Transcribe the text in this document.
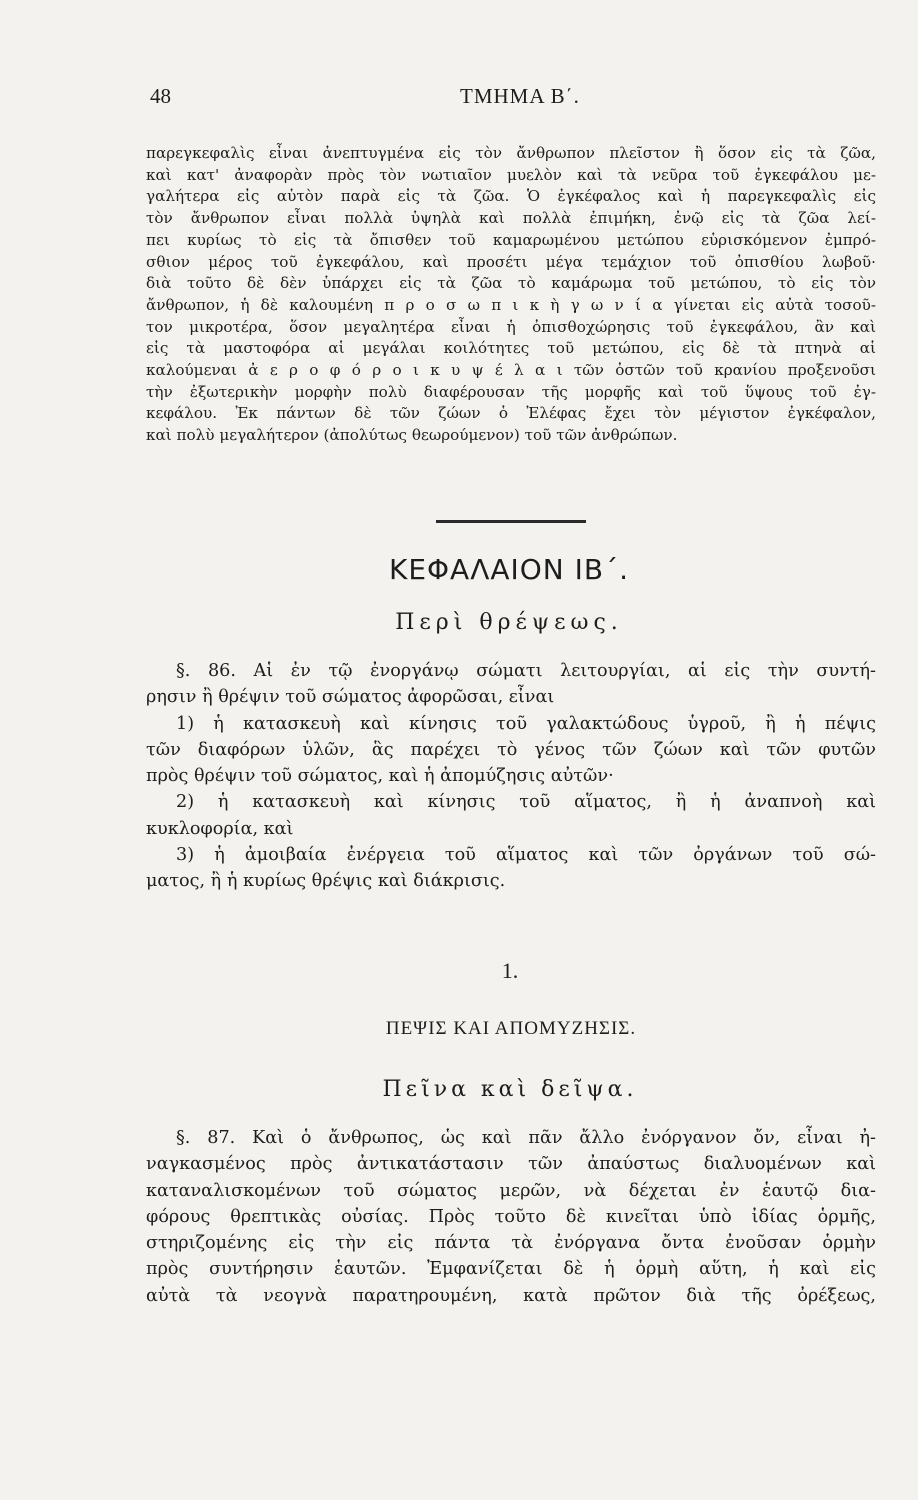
48	ΤΜΗΜΑ Β΄.
παρεγκεφαλὶς εἶναι ἀνεπτυγμένα εἰς τὸν ἄνθρωπον πλεῖστον ἢ ὅσον εἰς τὰ ζῶα,
καὶ κατ' ἀναφορὰν πρὸς τὸν νωτιαῖον μυελὸν καὶ τὰ νεῦρα τοῦ ἐγκεφάλου με-
γαλήτερα εἰς αὐτὸν παρὰ εἰς τὰ ζῶα. Ὁ ἐγκέφαλος καὶ ἡ παρεγκεφαλὶς εἰς
τὸν ἄνθρωπον εἶναι πολλὰ ὑψηλὰ καὶ πολλὰ ἐπιμήκη, ἐνῷ εἰς τὰ ζῶα λεί-
πει κυρίως τὸ εἰς τὰ ὄπισθεν τοῦ καμαρωμένου μετώπου εὑρισκόμενον ἐμπρό-
σθιον μέρος τοῦ ἐγκεφάλου, καὶ προσέτι μέγα τεμάχιον τοῦ ὀπισθίου λωβοῦ·
διὰ τοῦτο δὲ δὲν ὑπάρχει εἰς τὰ ζῶα τὸ καμάρωμα τοῦ μετώπου, τὸ εἰς τὸν
ἄνθρωπον, ἡ δὲ καλουμένη π ρ ο σ ω π ι κ ὴ γ ω ν ί α γίνεται εἰς αὐτὰ τοσοῦ-
τον μικροτέρα, ὅσον μεγαλητέρα εἶναι ἡ ὀπισθοχώρησις τοῦ ἐγκεφάλου, ἂν καὶ
εἰς τὰ μαστοφόρα αἱ μεγάλαι κοιλότητες τοῦ μετώπου, εἰς δὲ τὰ πτηνὰ αἱ
καλούμεναι ἀ ε ρ ο φ ό ρ ο ι κ υ ψ έ λ α ι τῶν ὀστῶν τοῦ κρανίου προξενοῦσι
τὴν ἐξωτερικὴν μορφὴν πολὺ διαφέρουσαν τῆς μορφῆς καὶ τοῦ ὕψους τοῦ ἐγ-
κεφάλου. Ἐκ πάντων δὲ τῶν ζώων ὁ Ἐλέφας ἔχει τὸν μέγιστον ἐγκέφαλον,
καὶ πολὺ μεγαλήτερον (ἀπολύτως θεωρούμενον) τοῦ τῶν ἀνθρώπων.
ΚΕΦΑΛΑΙΟΝ ΙΒ΄.
Περὶ θρέψεως.
§. 86. Αἱ ἐν τῷ ἐνοργάνῳ σώματι λειτουργίαι, αἱ εἰς τὴν συντή-
ρησιν ἢ θρέψιν τοῦ σώματος ἀφορῶσαι, εἶναι
1) ἡ κατασκευὴ καὶ κίνησις τοῦ γαλακτώδους ὑγροῦ, ἢ ἡ πέψις
τῶν διαφόρων ὑλῶν, ἃς παρέχει τὸ γένος τῶν ζώων καὶ τῶν φυτῶν
πρὸς θρέψιν τοῦ σώματος, καὶ ἡ ἀπομύζησις αὐτῶν·
2) ἡ κατασκευὴ καὶ κίνησις τοῦ αἵματος, ἢ ἡ ἀναπνοὴ καὶ
κυκλοφορία, καὶ
3) ἡ ἀμοιβαία ἐνέργεια τοῦ αἵματος καὶ τῶν ὀργάνων τοῦ σώ-
ματος, ἢ ἡ κυρίως θρέψις καὶ διάκρισις.
1.
ΠΕΨΙΣ ΚΑΙ ΑΠΟΜΥΖΗΣΙΣ.
Πεῖνα καὶ δεῖψα.
§. 87. Καὶ ὁ ἄνθρωπος, ὡς καὶ πᾶν ἄλλο ἐνόργανον ὄν, εἶναι ἠ-
ναγκασμένος πρὸς ἀντικατάστασιν τῶν ἀπαύστως διαλυομένων καὶ
καταναλισκομένων τοῦ σώματος μερῶν, νὰ δέχεται ἐν ἑαυτῷ δια-
φόρους θρεπτικὰς οὐσίας. Πρὸς τοῦτο δὲ κινεῖται ὑπὸ ἰδίας ὁρμῆς,
στηριζομένης εἰς τὴν εἰς πάντα τὰ ἐνόργανα ὄντα ἐνοῦσαν ὁρμὴν
πρὸς συντήρησιν ἑαυτῶν. Ἐμφανίζεται δὲ ἡ ὁρμὴ αὕτη, ἡ καὶ εἰς
αὐτὰ τὰ νεογνὰ παρατηρουμένη, κατὰ πρῶτον διὰ τῆς ὀρέξεως,
